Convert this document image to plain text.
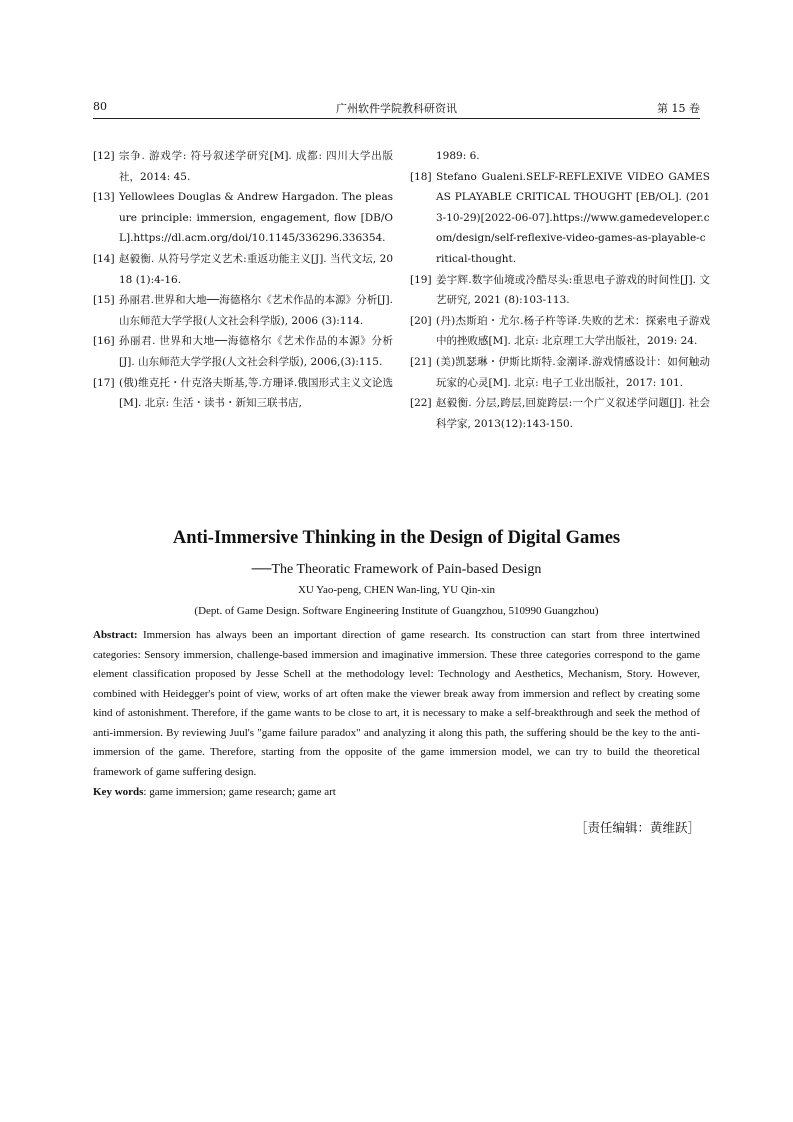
80	广州软件学院教科研资讯	第 15 卷
[12] 宗争. 游戏学: 符号叙述学研究[M]. 成都: 四川大学出版社，2014: 45.
[13] Yellowlees Douglas & Andrew Hargadon. The pleasure principle: immersion, engagement, flow [DB/OL].https://dl.acm.org/doi/10.1145/336296.336354.
[14] 赵毅衡. 从符号学定义艺术:重返功能主义[J]. 当代文坛, 2018 (1):4-16.
[15] 孙丽君.世界和大地──海德格尔《艺术作品的本源》分析[J]. 山东师范大学学报(人文社会科学版), 2006 (3):114.
[16] 孙丽君. 世界和大地──海德格尔《艺术作品的本源》分析[J]. 山东师范大学学报(人文社会科学版), 2006,(3):115.
[17] (俄)维克托・什克洛夫斯基,等.方珊译.俄国形式主义文论选[M]. 北京: 生活・读书・新知三联书店,
1989: 6.
[18] Stefano Gualeni.SELF-REFLEXIVE VIDEO GAMES AS PLAYABLE CRITICAL THOUGHT [EB/OL]. (2013-10-29)[2022-06-07].https://www.gamedeveloper.com/design/self-reflexive-video-games-as-playable-critical-thought.
[19] 姜宇辉.数字仙境或冷酷尽头:重思电子游戏的时间性[J]. 文艺研究, 2021 (8):103-113.
[20] (丹)杰斯珀・尤尔.杨子杵等译.失败的艺术：探索电子游戏中的挫败感[M]. 北京: 北京理工大学出版社，2019: 24.
[21] (美)凯瑟琳・伊斯比斯特.金潮译.游戏情感设计：如何触动玩家的心灵[M]. 北京: 电子工业出版社，2017: 101.
[22] 赵毅衡. 分层,跨层,回旋跨层:一个广义叙述学问题[J]. 社会科学家, 2013(12):143-150.
Anti-Immersive Thinking in the Design of Digital Games
──The Theoratic Framework of Pain-based Design
XU Yao-peng, CHEN Wan-ling, YU Qin-xin
(Dept. of Game Design. Software Engineering Institute of Guangzhou, 510990 Guangzhou)
Abstract: Immersion has always been an important direction of game research. Its construction can start from three intertwined categories: Sensory immersion, challenge-based immersion and imaginative immersion. These three categories correspond to the game element classification proposed by Jesse Schell at the methodology level: Technology and Aesthetics, Mechanism, Story. However, combined with Heidegger's point of view, works of art often make the viewer break away from immersion and reflect by creating some kind of astonishment. Therefore, if the game wants to be close to art, it is necessary to make a self-breakthrough and seek the method of anti-immersion. By reviewing Juul's "game failure paradox" and analyzing it along this path, the suffering should be the key to the anti-immersion of the game. Therefore, starting from the opposite of the game immersion model, we can try to build the theoretical framework of game suffering design.
Key words: game immersion; game research; game art
［责任编辑：黄维跃］
